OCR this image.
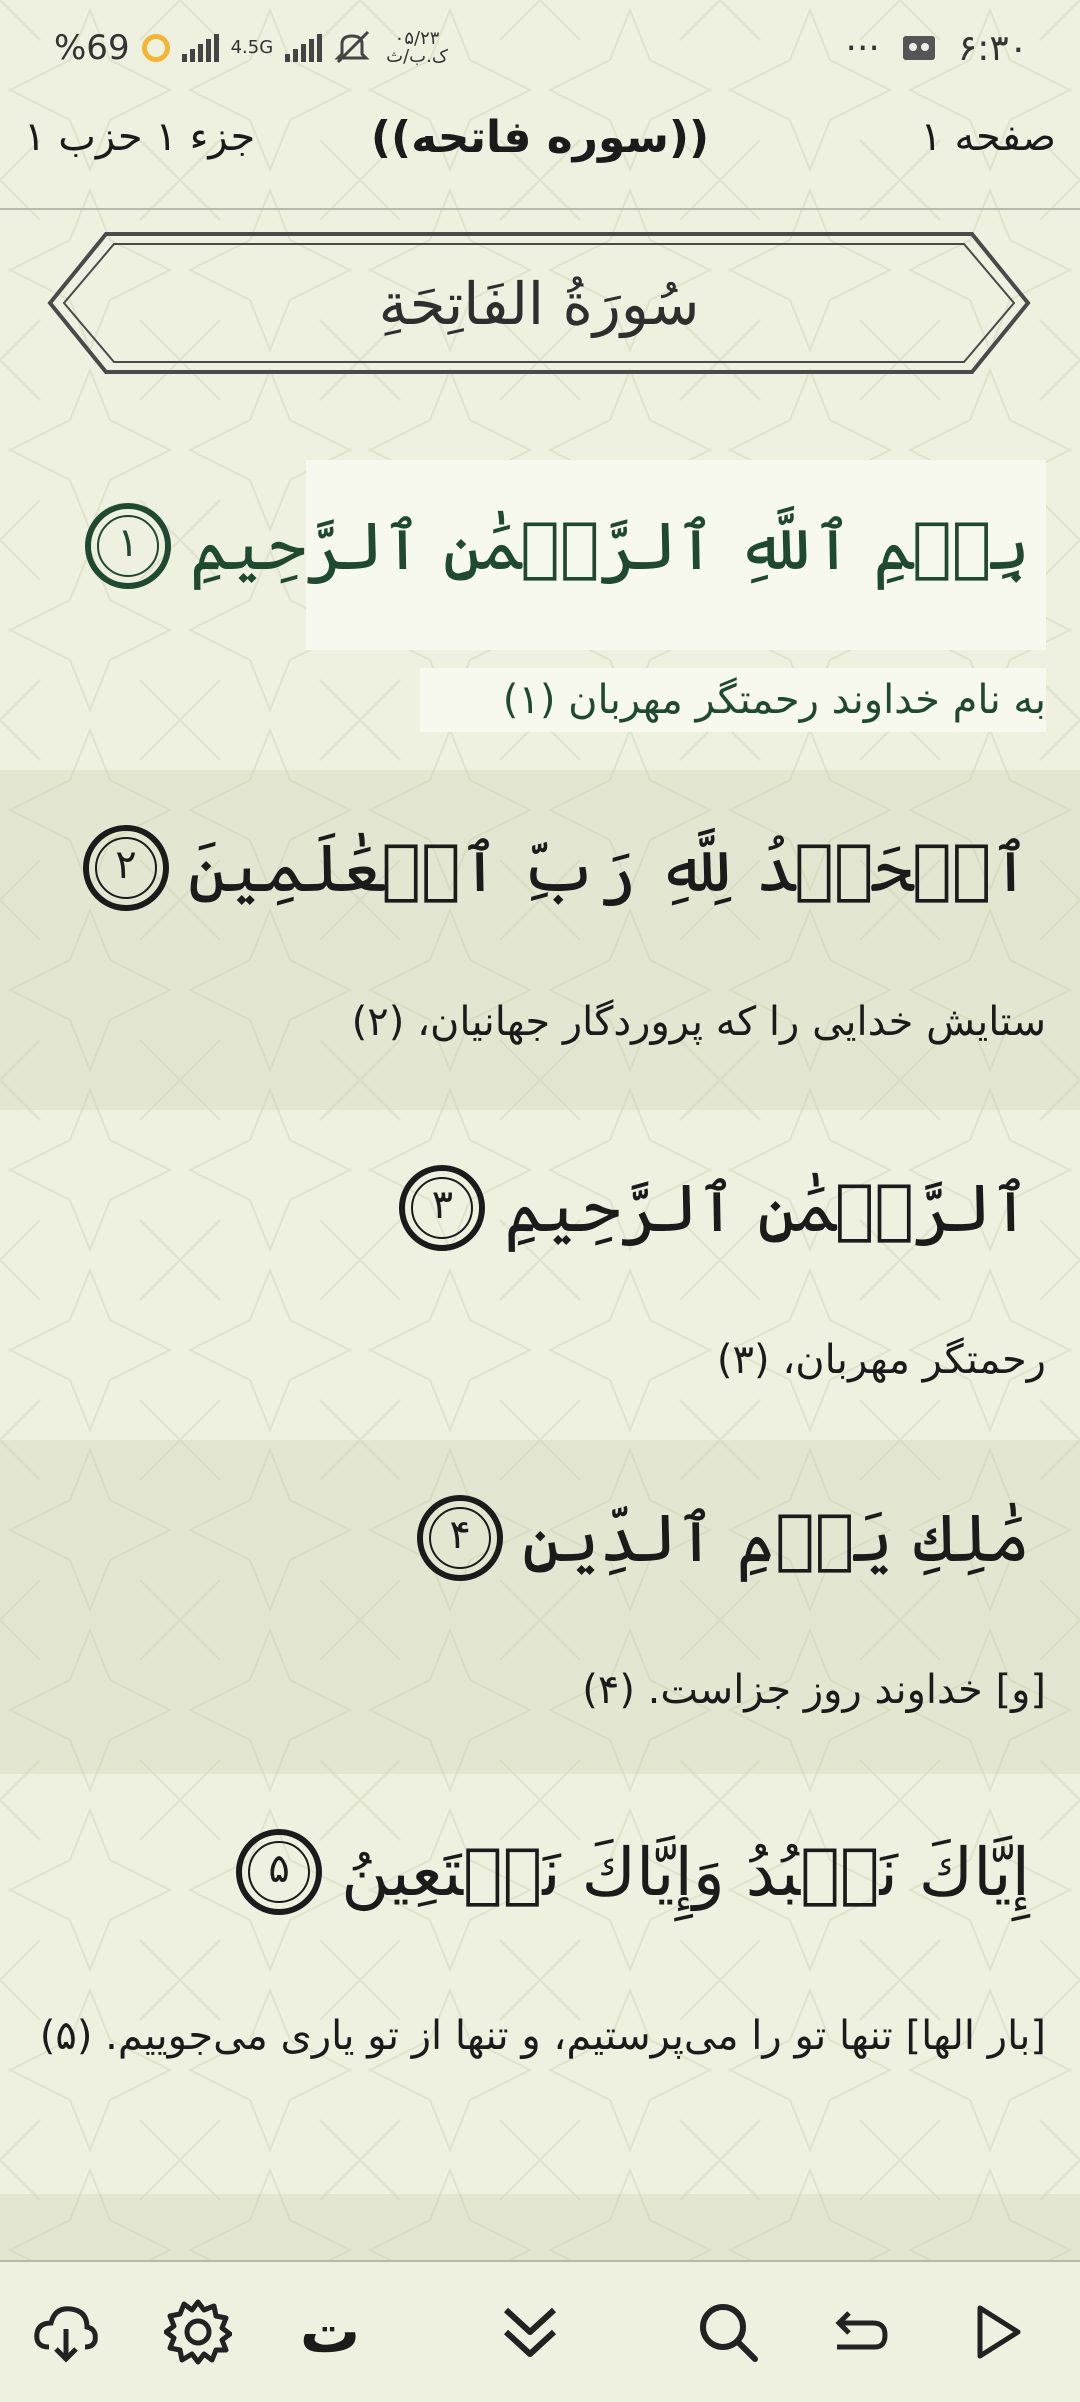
%69	4.5G	۰۵/۲۳
ک.ب/ث	··· ۶:۳۰
صفحه ۱
((سوره فاتحه))
جزء ۱ حزب ۱
سُورَةُ الفَاتِحَةِ
بِسۡمِ ٱللَّهِ ٱلرَّحۡمَٰنِ ٱلرَّحِيمِ
۱
به نام خداوند رحمتگر مهربان (۱)
ٱلۡحَمۡدُ لِلَّهِ رَبِّ ٱلۡعَٰلَمِينَ
۲
ستایش خدایی را که پروردگار جهانیان، (۲)
ٱلرَّحۡمَٰنِ ٱلرَّحِيمِ
۳
رحمتگر مهربان، (۳)
مَٰلِكِ يَوۡمِ ٱلدِّينِ
۴
[و] خداوند روز جزاست. (۴)
إِيَّاكَ نَعۡبُدُ وَإِيَّاكَ نَسۡتَعِينُ
۵
[بار الها] تنها تو را می‌پرستیم، و تنها از تو یاری می‌جوییم. (۵)
ت
